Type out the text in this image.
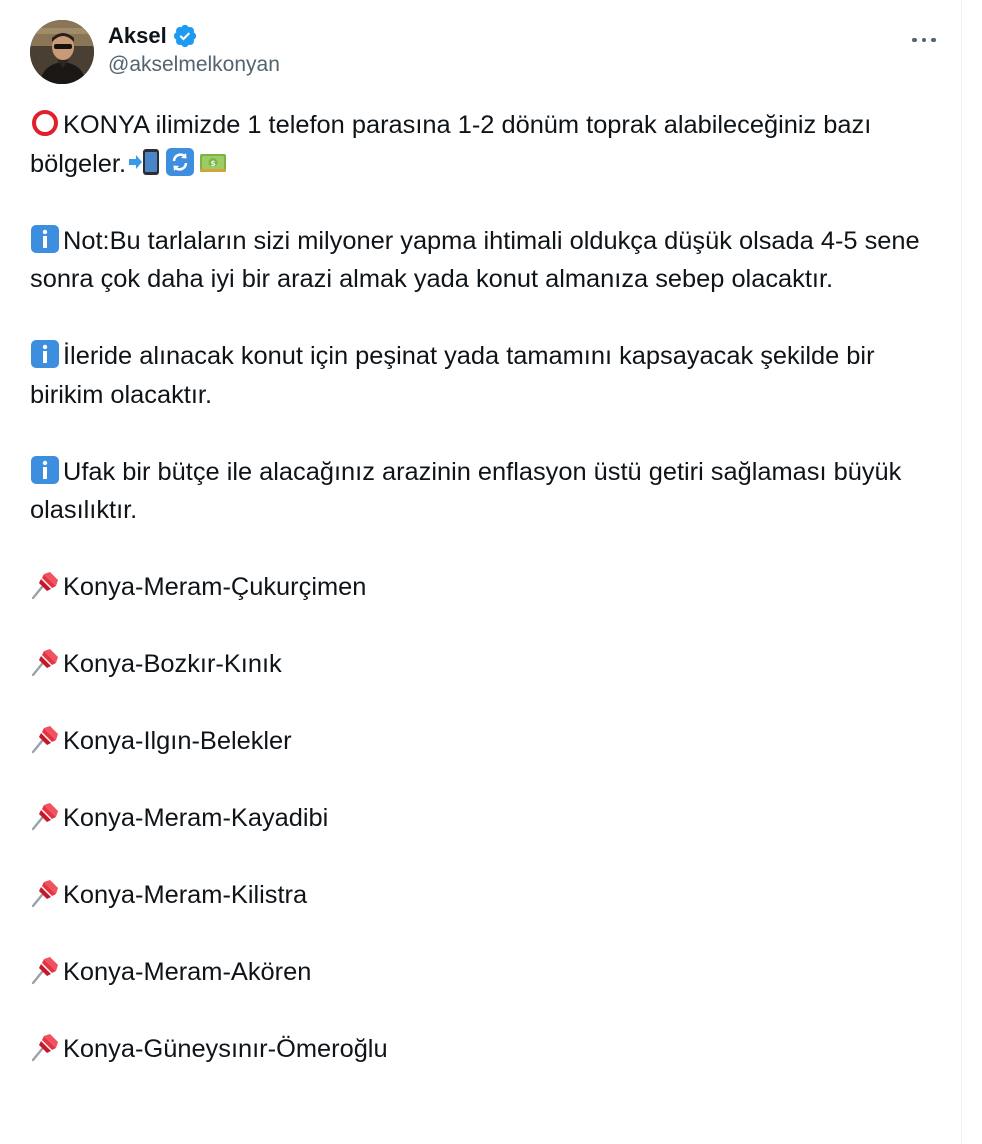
Aksel
@akselmelkonyan

KONYA ilimizde 1 telefon parasına 1-2 dönüm toprak alabileceğiniz bazı bölgeler.	$

Not:Bu tarlaların sizi milyoner yapma ihtimali oldukça düşük olsada 4-5 sene sonra çok daha iyi bir arazi almak yada konut almanıza sebep olacaktır.

İleride alınacak konut için peşinat yada tamamını kapsayacak şekilde bir birikim olacaktır.

Ufak bir bütçe ile alacağınız arazinin enflasyon üstü getiri sağlaması büyük olasılıktır.

Konya-Meram-Çukurçimen

Konya-Bozkır-Kınık

Konya-Ilgın-Belekler

Konya-Meram-Kayadibi

Konya-Meram-Kilistra

Konya-Meram-Akören

Konya-Güneysınır-Ömeroğlu
